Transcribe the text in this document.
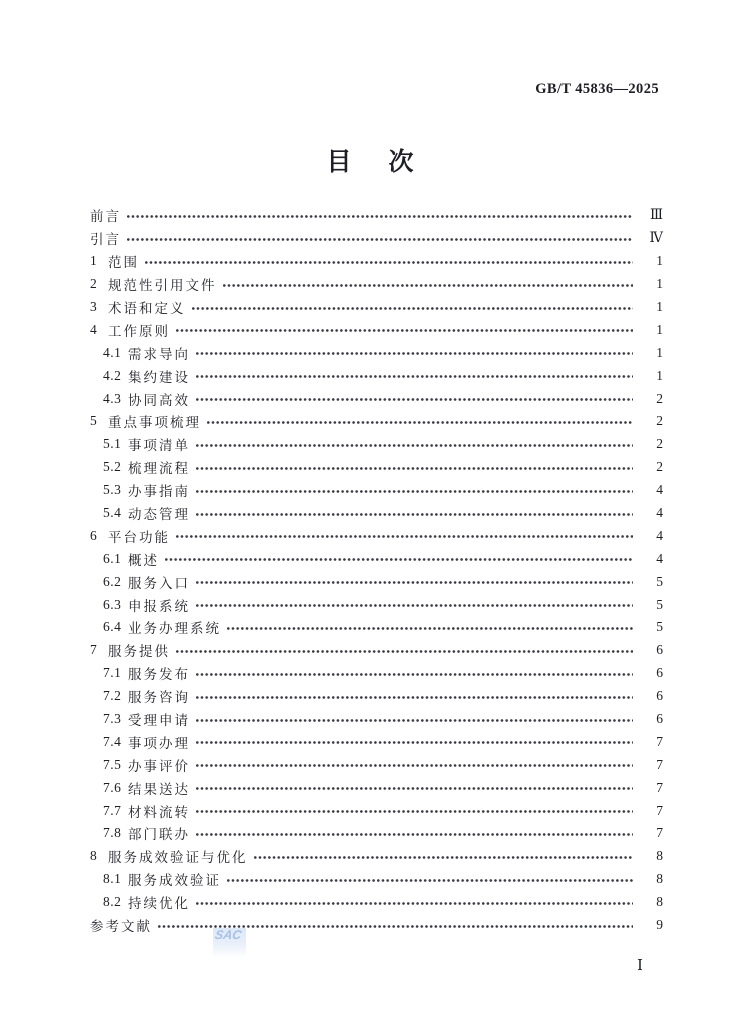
GB/T 45836—2025
目　次
前言	Ⅲ
引言	Ⅳ
1 范围	1
2 规范性引用文件	1
3 术语和定义	1
4 工作原则	1
4.1 需求导向	1
4.2 集约建设	1
4.3 协同高效	2
5 重点事项梳理	2
5.1 事项清单	2
5.2 梳理流程	2
5.3 办事指南	4
5.4 动态管理	4
6 平台功能	4
6.1 概述	4
6.2 服务入口	5
6.3 申报系统	5
6.4 业务办理系统	5
7 服务提供	6
7.1 服务发布	6
7.2 服务咨询	6
7.3 受理申请	6
7.4 事项办理	7
7.5 办事评价	7
7.6 结果送达	7
7.7 材料流转	7
7.8 部门联办	7
8 服务成效验证与优化	8
8.1 服务成效验证	8
8.2 持续优化	8
参考文献	9
SAC
Ⅰ
